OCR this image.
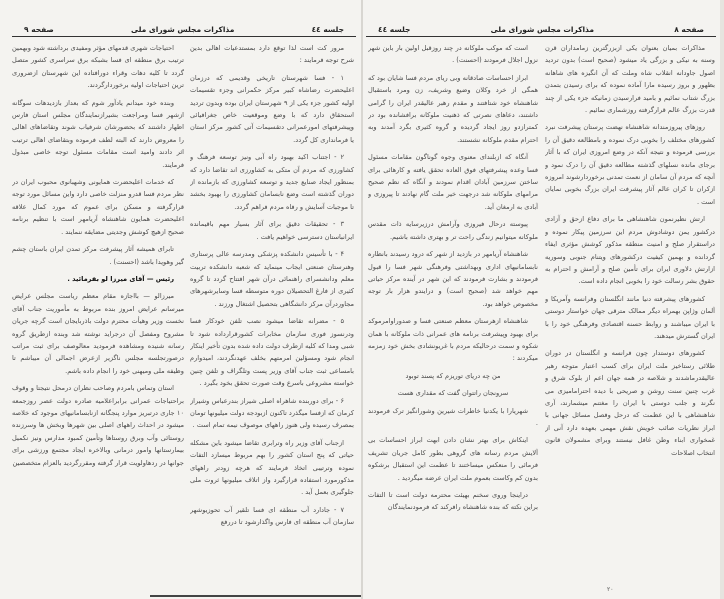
جلسه ٤٤
مذاکرات مجلس شورای ملی
صفحه ۹

مرور کت است لذا توقع دارد بمستدعیات اهالی بدین شرح توجه فرمایند :

۱ - فسا شهرستان تاریخی وقدیمی که درزمان اعلیحضرت رضاشاه کبیر مرکز حکمرانی وجزء تقسیمات اولیه کشور جزء یکی از ۹ شهرستان ایران بوده وبدون تردید استحقاق دارد که با وضع وموقعیت خاص جغرافیائی وپیشرفتهای امورعمرانی دتقسیمات آتی کشور مرکز استان یا فرمانداری کل گردد.

۲ - اجتناب اکید بهبود راه آبی ونیز توسعه فرهنگ و کشاورزی که مردم آن متکی به کشاورزی اند تقاضا دارد که بمنظور ایجاد صنایع جدید و توسعه کشاورزی که بازمانده از دوران گذشته است وضع نابسامان کشاورزی را بهبود بخشد تا موجبات آسایش و رفاه مردم فراهم گردد.

۳ - تحقیقات دقیق برای آثار بسیار مهم باقیمانده ایرانباستان دسترسی خواهیم یافت .

۴ - با تأسیس دانشکده پزشکی ومدرسه عالی پرستاری وهنرستان صنعتی ایجاب مینماید که شعبه دانشکده تربیت معلم ودانشسرای راهنمائی درآن شهر افتتاح گردد تا گروه کثیری از فارغ التحصیلان دوره متوسطه فسا وسایرشهرهای مجاوردرآن مرکز دانشگاهی بتحصیل اشتغال ورزند .

۵ - مضرانه تقاضا میشود نصب تلفن خودکار فسا ودرنسوز فوری سازمان مخابرات کشورقرارداده شود تا شبی ومدا که کلیه ازطرف دولت داده شده بدون تأخیر اینکار انجام شود ومسؤلین امرمتهم بخلف عهدنگردند، امیدوارم بامساعی ثبت جناب آقای وزیر پست وتلگراف و تلفن چنین خواسته مشروعی باسرع وقت صورت تحقق بخود بگیرد .

۶ - برای دوربنده شاهراه اصلی شیراز بندرعباس وشیراز کرمان که ازفسا میگذرد تاکنون ازبودجه دولت میلیونها تومان بمصرف رسیده ولی هنوز راههای موصوف نیمه تمام است .

ازجناب آقای وزیر راه وترابری تقاضا میشود باین مشکله حیاتی که پنج استان کشور را بهم مربوط میسازد التفات نموده وترتیبی اتخاذ فرمایند که هرچه زودتر راههای مذکورمورد استفاده قرارگیرد واز اتلاف میلیونها ثروت ملی جلوگیری بعمل آید .

۷ - جادارد آب منطقه ای فسا تلقیر آب تحوزیوشهر سازمان آب منطقه ای فارس واگذارشود تا دررفع

احتیاجات شهری قدمهای مؤثر ومفیدی برداشته شود وبهمین ترتیب برق منطقه ای فسا بشبکه برق سراسری کشور متصل گردد تا کلیه دهات وقراء دورافتاده این شهرستان ازضروری ترین احتیاجات اولیه برخوردارگردند.

وبنده خود میدانم یادآور شوم که بعداز بازدیدهات سوگانه ازشهر فسا ومراجعت بشیرازنمایندگان مجلس استان فارس اظهار داشتند که بحضورشان شرفیاب شوند وتقاضاهای اهالی را معروض دارند که البته لطف فرموده وبتقاضای اهالی ترتیب اثر دادند وامید است مقامات مسئول توجه خاصی مبذول فرمایند.

که خدمات اعلیحضرت همایونی وشهبانوی محبوب ایران در نظر مردم فسا قدرو منزلت خاصی دارد واین مسائل مورد توجه قرارگرفته و مسکن برای عموم که مورد کمال علاقه اعلیحضرت همایون شاهنشاه آریامهر است با تنظیم برنامه صحیح ازهیچ کوشش وجدیتی مضایقه ننمایند .

تابرای همیشه آثار پیشرفت مرکز تمدن ایران باستان چشم گیر وهویدا باشد (احسنت) .

رئیس — آقای میرزا لو بفرمائید .

میرزالو — بااجازه مقام معظم ریاست مجلس عرایض میرسانم عرایض امروز بنده مربوط به مأموریت جناب آقای نخست وزیر وهیأت محترم دولت باذربایجان است گرچه جریان مشروح ومفصل آن درجراید نوشته شد وبنده ازطریق گروه رسانه شنیده ومشاهده فرمودید معالوصف برای ثبت مراتب درصورتجلسه مجلس ناگزیر ازعرض اجمالی آن میباشم تا وظیفه ملی ومیهنی خود را انجام داده باشم.

استان وتماس بامردم وصاحب نظران درمحل نتیجتا و وقوف براحتیاجات عمرانی برابراعلامیه صادره دولت عصر روزجمعه ۱۰ جاری درتبریز موارد پنجگانه ازنابسامانیهای موجود که خلاصه میشود در احداث راههای اصلی بین شهرها وبخش ها وسرزنده روستائی وآب وبرق روستاها وتأمین کمبود مدارس ونیز نکمیل بیمارستانها وامور درمانی وبالاخره ایجاد مجتمع ورزشی برای جوانها در ردهاولویت قرار گرفته ومقررگردید بالعزام متخصصین

صفحه ۸
مذاکرات مجلس شورای ملی
جلسه ٤٤

مذاکرات بمیان بعنوان یکی ازبزرگترین زمامداران قرن وسنه به نیکی و بزرگی یاد میشود (صحیح است) بدون تردید اصول جاودانه انقلاب شاه وملت که آن انگیزه های شاهانه بظهور و بروز رسیده مارا آماده نموده که برای رسیدن بتمدن بزرگ شتاب نمائیم و بامید فرارسیدن زمانیکه جزء یکی از چند قدرت بزرگ عالم قرارگرفته روزشماری نمائیم .

روزهای پیروزمندانه شاهنشاه نهضت پرستان پیشرفت نبرد کشورهای مختلف را بخوبی درک نموده و بامطالعه دقیق آن را بررسی فرموده و نتیجه آنکه در وضع امروزی ایران که با آثار برجای مانده نسلهای گذشته مطالعه دقیق آن را درک نمود و آنچه که مردم آن سامان از نعمت تمدنی برخوردارشوند امروزه ازکران تا کران عالم آثار پیشرفت ایران بزرگ بخوبی نمایان است .

ارتش نظیرنمون شاهنشاهی ما برای دفاع ازحق و آزادی درکشور یمن دوشادوش مردم این سرزمین پیکار نموده و دراستقرار صلح و امنیت منطقه مذکور کوشش مؤثری ایفاء گردانده و بهمین کیفیت درکشورهای ویتنام جنوبی وسوریه ازارتش دلاوری ایران برای تأمین صلح و آرامش و احترام به حقوق بشر رسالت خود را بخوبی انجام داده است.

کشورهای پیشرفته دنیا مانند انگلستان وفرانسه وآمریکا و آلمان وژاپن بهمراه دیگر ممالک مترقی جهان خواستار دوستی با ایران میباشند و روابط حسنه اقتصادی وفرهنگی خود را با ایران گسترش میدهند.

کشورهای دوستدار چون فرانسه و انگلستان در دوران طلائی رستاخیز ملت ایران برای کسب اعتبار متوجه رهبر عالیقدرماشدند و شلاصه در همه جهان اعم از بلوک شرق و غرب چنین سنت روشن و صریحی با دیده احتراماميزی می نگرند و جلب دوستی با ایران را مغتنم میشمارند، آری شاهنشاهی با این عظمت که درحل وفصل مسائل جهانی با ابراز نظریات صائب خویش نقش مهمی بعهده دارد آنی از غمخواری ابناء وطن غافل نیستند وبرای مشمولان قانون انتخاب اصلاحات

است که موکب ملوکانه در چند روزقبل اولین بار باین شهر نزول اجلال فرمودند (احسنت) .

ابراز احساسات صادقانه وبی ریای مردم فسا شایان بود که همگی از خرد وکلان وضیع وشریف، زن ومرد باستقبال شاهنشاه خود شتافتند و مقدم رهبر عالیقدر ایران را گرامی داشتند، دعاهای نصرتی که ذهنیت ملوکانه برافشانده بود در کمترازدو روز ایجاد گردیده و گروه کثیری بگرد آمدند وبه احترام مقدم ملوکانه نشستند.

آنگاه که ازبلندای معنوی وجوه گوناگون مقامات مسئول فسا وعده پیشرفتهای فوق العاده تحقق یافته و کارهائی برای ساختن سرزمین آبادان اقدام نمودند و آنگاه که نظم صحیح مرامهای ملوکانه شد درجهت خیر ملت گام نهادند تا پیروزی و آبادی به ارمغان آید.

پیوسته درحال فیروزی وآرامش درزیرسایه ذات مقدس ملوکانه میتوانیم زندگی راحت تر و بهتری داشته باشیم.

شاهنشاه آریامهر در بازدید از شهر که درود رسیدند بانظاره نابسامانیهای اداری وبهداشتی وفرهنگی شهر فسا را قبول فرمودند و بشارت فرمودند که این شهر در آینده مرکز حیاتی مهم خواهد شد (صحیح است) و درایندو هزار بار توجه مخصوص خواهد بود.

شاهنشاه ازهرستان معظم صنعتی فسا و صدوراوامرموکد برای بهبود وپیشرفت برنامه های عمرانی ذات ملوکانه با همان شکوه و سمت درحالیکه مردم با غریونشادی بخش خود زمزمه میکردند :

من چه دریای توریزم که پسند توبود

سرونجان راتتوان گفت که مقداری هست

شهریارا با یکدنیا خاطرات شیرین وشورانگیز ترک فرمودند .

اینکاش برای بهتر نشان دادن ابهت ابراز احساسات بی آلایش مردم رسانه های گروهی بطور کامل جریان تشریف فرمائی را منعکس میساختند تا عظمت این استقبال برشکوه بدون کم وکاست بعموم ملت ایران عرضه میگردید .

دراینجا وروی سخنم بهیئت محترمه دولت است تا التفات براین نکته که بنده شاهنشاه رافرکند که فرمودنمایندگان

۲۰
